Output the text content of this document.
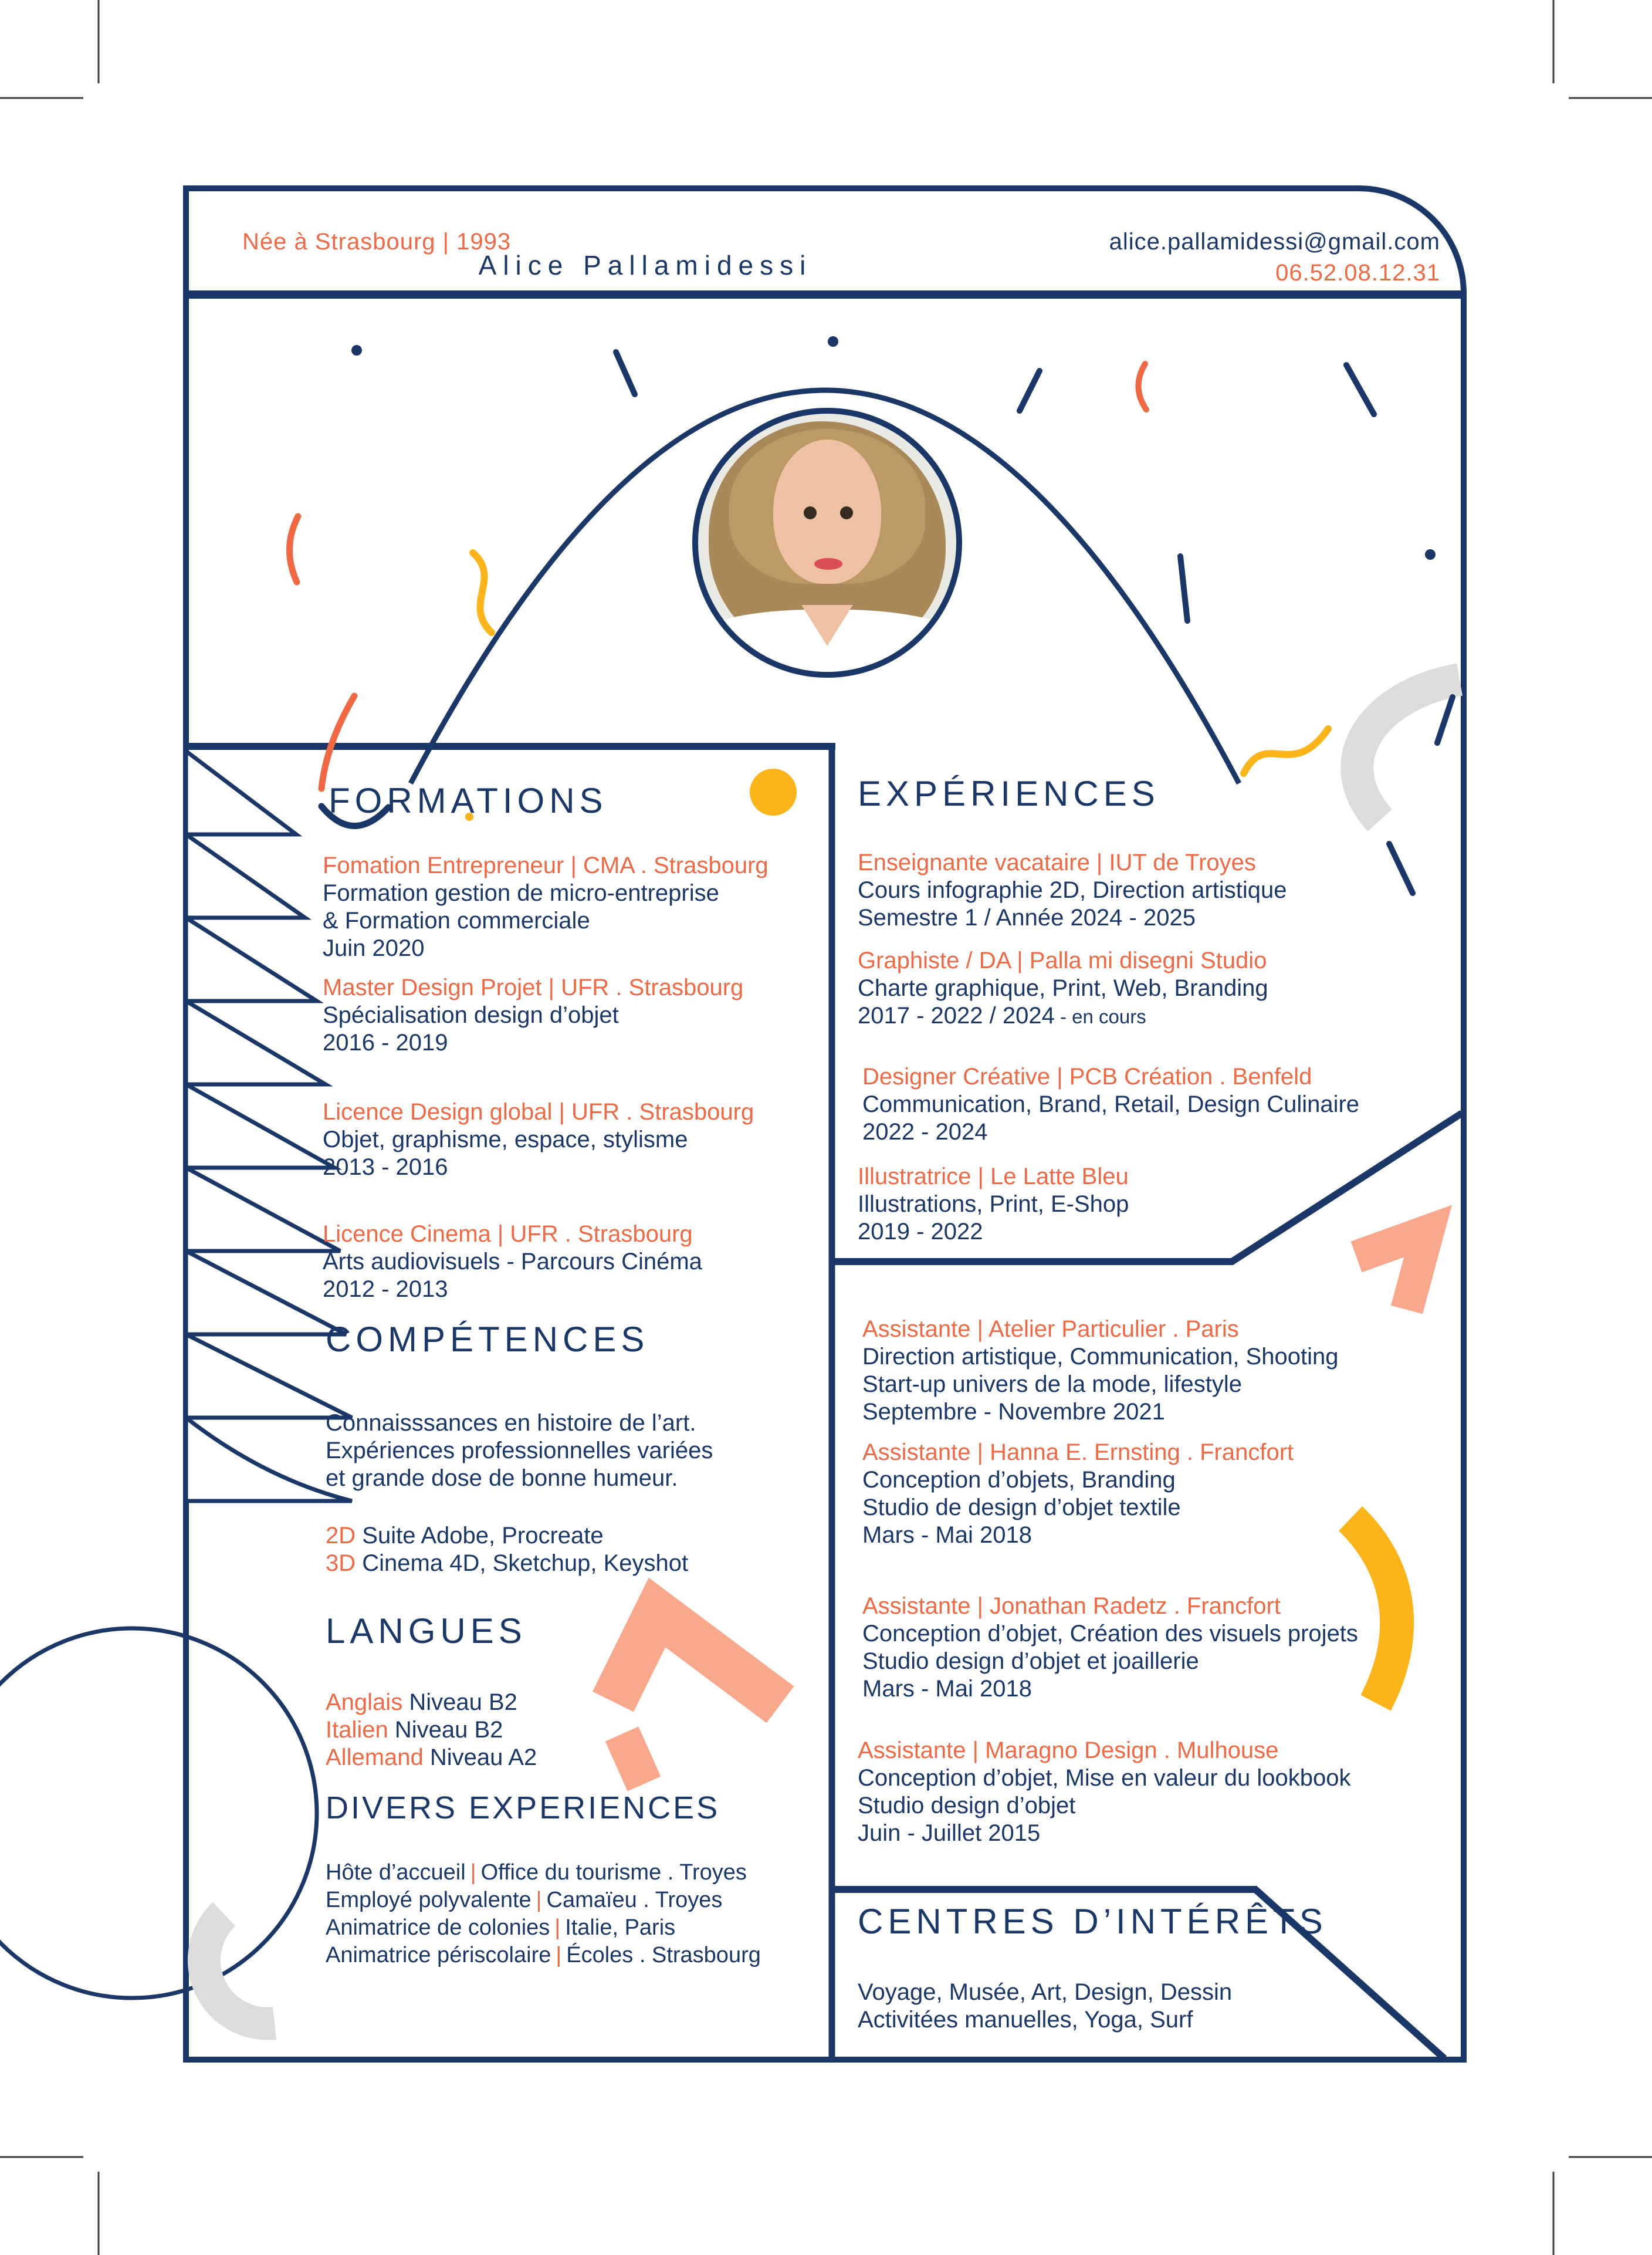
Née à Strasbourg | 1993
Alice Pallamidessi
alice.pallamidessi@gmail.com
06.52.08.12.31
FORMATIONS
Fomation Entrepreneur | CMA . Strasbourg
Formation gestion de micro-entreprise
& Formation commerciale
Juin 2020
Master Design Projet | UFR . Strasbourg
Spécialisation design d’objet
2016 - 2019
Licence Design global | UFR . Strasbourg
Objet, graphisme, espace, stylisme
2013 - 2016
Licence Cinema | UFR . Strasbourg
Arts audiovisuels - Parcours Cinéma
2012 - 2013
COMPÉTENCES
Connaisssances en histoire de l’art.
Expériences professionnelles variées
et grande dose de bonne humeur.
2D Suite Adobe, Procreate
3D Cinema 4D, Sketchup, Keyshot
LANGUES
Anglais Niveau B2
Italien Niveau B2
Allemand Niveau A2
DIVERS EXPERIENCES
Hôte d’accueil | Office du tourisme . Troyes
Employé polyvalente | Camaïeu . Troyes
Animatrice de colonies | Italie, Paris
Animatrice périscolaire | Écoles . Strasbourg
EXPÉRIENCES
Enseignante vacataire | IUT de Troyes
Cours infographie 2D, Direction artistique
Semestre 1 / Année 2024 - 2025
Graphiste / DA | Palla mi disegni Studio
Charte graphique, Print, Web, Branding
2017 - 2022 / 2024 - en cours
Designer Créative | PCB Création . Benfeld
Communication, Brand, Retail, Design Culinaire
2022 - 2024
Illustratrice | Le Latte Bleu
Illustrations, Print, E-Shop
2019 - 2022
Assistante | Atelier Particulier . Paris
Direction artistique, Communication, Shooting
Start-up univers de la mode, lifestyle
Septembre - Novembre 2021
Assistante | Hanna E. Ernsting . Francfort
Conception d’objets, Branding
Studio de design d’objet textile
Mars - Mai 2018
Assistante | Jonathan Radetz . Francfort
Conception d’objet, Création des visuels projets
Studio design d’objet et joaillerie
Mars - Mai 2018
Assistante | Maragno Design . Mulhouse
Conception d’objet, Mise en valeur du lookbook
Studio design d’objet
Juin - Juillet 2015
CENTRES D’INTÉRÊTS
Voyage, Musée, Art, Design, Dessin
Activitées manuelles, Yoga, Surf
